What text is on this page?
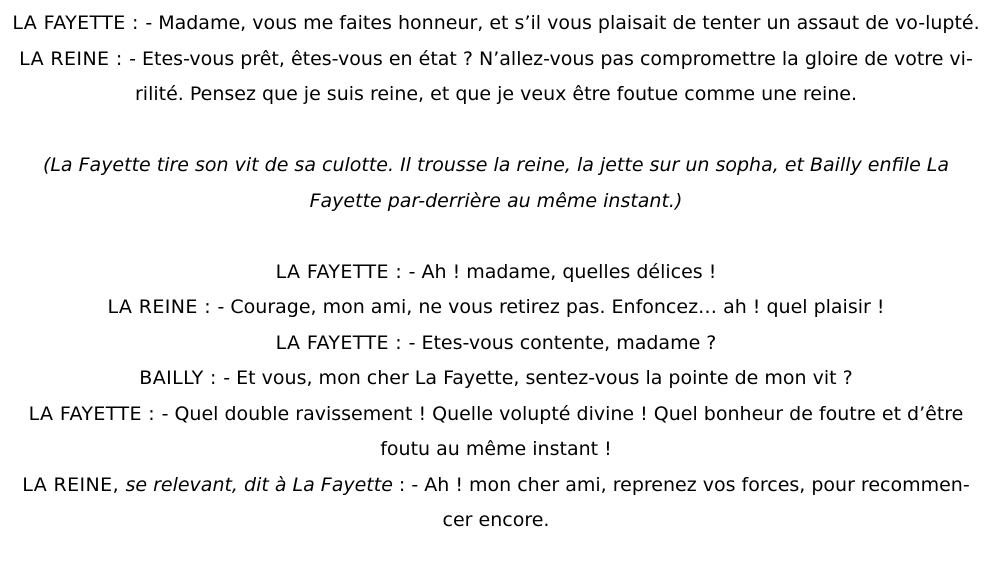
LA FAYETTE : - Madame, vous me faites honneur, et s’il vous plaisait de tenter un assaut de vo-lupté.

LA REINE : - Etes-vous prêt, êtes-vous en état ? N’allez-vous pas compromettre la gloire de votre vi-rilité. Pensez que je suis reine, et que je veux être foutue comme une reine.

(La Fayette tire son vit de sa culotte. Il trousse la reine, la jette sur un sopha, et Bailly enfile La Fayette par-derrière au même instant.)

LA FAYETTE : - Ah ! madame, quelles délices !

LA REINE : - Courage, mon ami, ne vous retirez pas. Enfoncez… ah ! quel plaisir !

LA FAYETTE : - Etes-vous contente, madame ?

BAILLY : - Et vous, mon cher La Fayette, sentez-vous la pointe de mon vit ?

LA FAYETTE : - Quel double ravissement ! Quelle volupté divine ! Quel bonheur de foutre et d’être foutu au même instant !

LA REINE, se relevant, dit à La Fayette : - Ah ! mon cher ami, reprenez vos forces, pour recommen-cer encore.
